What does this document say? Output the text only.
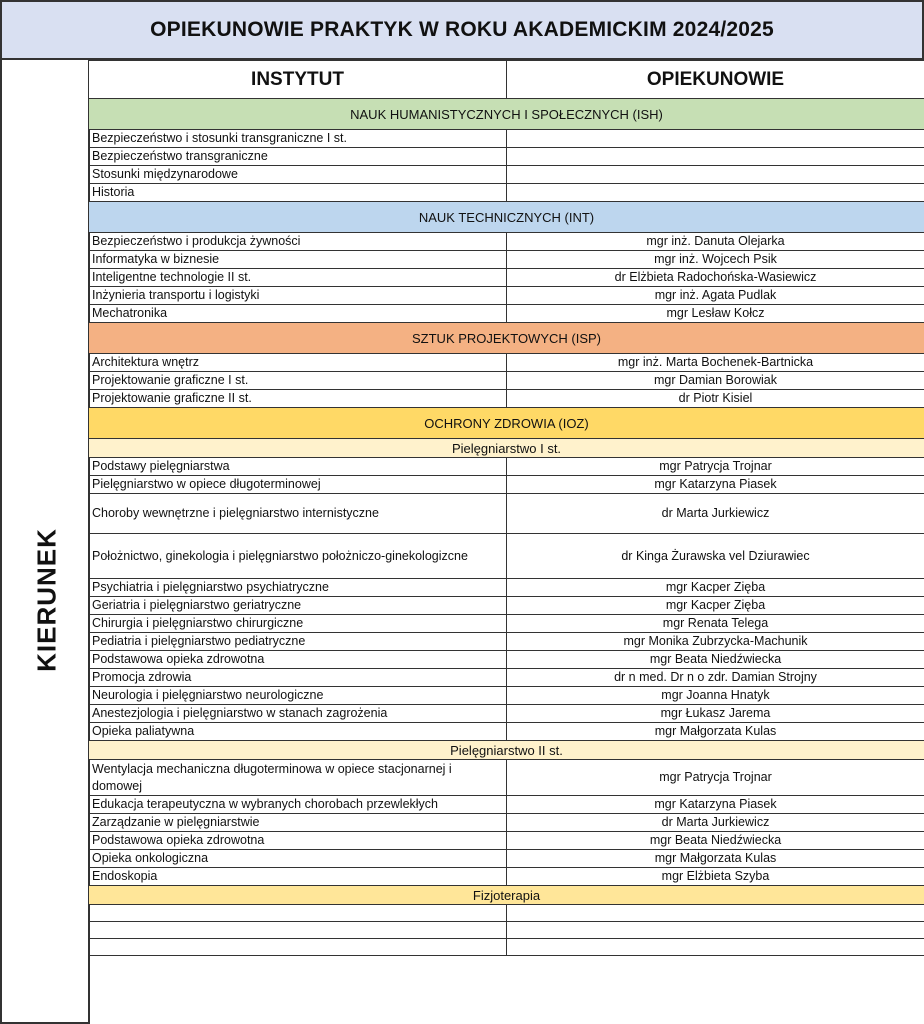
OPIEKUNOWIE PRAKTYK W ROKU AKADEMICKIM 2024/2025
KIERUNEK
INSTYTUT	OPIEKUNOWIE
NAUK HUMANISTYCZNYCH I SPOŁECZNYCH (ISH)	
Bezpieczeństwo i stosunki transgraniczne I st.	
Bezpieczeństwo transgraniczne	
Stosunki międzynarodowe	
Historia	
NAUK TECHNICZNYCH (INT)	
Bezpieczeństwo i produkcja żywności	mgr inż. Danuta Olejarka
Informatyka w biznesie	mgr inż. Wojcech Psik
Inteligentne technologie II st.	dr Elżbieta Radochońska-Wasiewicz
Inżynieria transportu i logistyki	mgr inż. Agata Pudlak
Mechatronika	mgr Lesław Kołcz
SZTUK PROJEKTOWYCH (ISP)	
Architektura wnętrz	mgr inż. Marta Bochenek-Bartnicka
Projektowanie graficzne I st.	mgr Damian Borowiak
Projektowanie graficzne II st.	dr Piotr Kisiel
OCHRONY ZDROWIA (IOZ)	
Pielęgniarstwo I st.	
Podstawy pielęgniarstwa	mgr Patrycja Trojnar
Pielęgniarstwo w opiece długoterminowej	mgr Katarzyna Piasek
Choroby wewnętrzne i pielęgniarstwo internistyczne	dr Marta Jurkiewicz
Położnictwo, ginekologia i pielęgniarstwo położniczo-ginekologizcne	dr Kinga Żurawska vel Dziurawiec
Psychiatria i pielęgniarstwo psychiatryczne	mgr Kacper Zięba
Geriatria i pielęgniarstwo geriatryczne	mgr Kacper Zięba
Chirurgia i pielęgniarstwo chirurgiczne	mgr Renata Telega
Pediatria i pielęgniarstwo pediatryczne	mgr Monika Zubrzycka-Machunik
Podstawowa opieka zdrowotna	mgr Beata Niedźwiecka
Promocja zdrowia	dr n med. Dr n o zdr. Damian Strojny
Neurologia i pielęgniarstwo neurologiczne	mgr Joanna Hnatyk
Anestezjologia i pielęgniarstwo w stanach zagrożenia	mgr Łukasz Jarema
Opieka paliatywna	mgr Małgorzata Kulas
Pielęgniarstwo II st.	
Wentylacja mechaniczna długoterminowa w opiece stacjonarnej i domowej	mgr Patrycja Trojnar
Edukacja terapeutyczna w wybranych chorobach przewlekłych	mgr Katarzyna Piasek
Zarządzanie w pielęgniarstwie	dr Marta Jurkiewicz
Podstawowa opieka zdrowotna	mgr Beata Niedźwiecka
Opieka onkologiczna	mgr Małgorzata Kulas
Endoskopia	mgr Elżbieta Szyba
Fizjoterapia	
